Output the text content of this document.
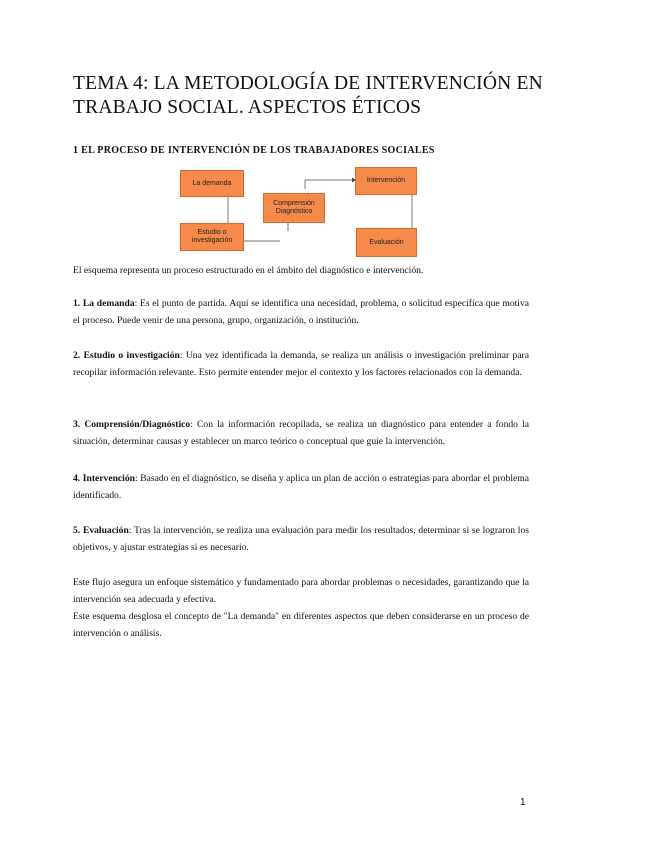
TEMA 4: LA METODOLOGÍA DE INTERVENCIÓN EN TRABAJO SOCIAL. ASPECTOS ÉTICOS
1 EL PROCESO DE INTERVENCIÓN DE LOS TRABAJADORES SOCIALES
La demanda
Estudio o investigación
Comprensión Diagnóstico
Intervención
Evaluación

El esquema representa un proceso estructurado en el ámbito del diagnóstico e intervención.

1. La demanda: Es el punto de partida. Aquí se identifica una necesidad, problema, o solicitud específica que motiva el proceso. Puede venir de una persona, grupo, organización, o institución.

2. Estudio o investigación: Una vez identificada la demanda, se realiza un análisis o investigación preliminar para recopilar información relevante. Esto permite entender mejor el contexto y los factores relacionados con la demanda.

3. Comprensión/Diagnóstico: Con la información recopilada, se realiza un diagnóstico para entender a fondo la situación, determinar causas y establecer un marco teórico o conceptual que guíe la intervención.

4. Intervención: Basado en el diagnóstico, se diseña y aplica un plan de acción o estrategias para abordar el problema identificado.

5. Evaluación: Tras la intervención, se realiza una evaluación para medir los resultados, determinar si se lograron los objetivos, y ajustar estrategias si es necesario.

Este flujo asegura un enfoque sistemático y fundamentado para abordar problemas o necesidades, garantizando que la intervención sea adecuada y efectiva.

Este esquema desglosa el concepto de "La demanda" en diferentes aspectos que deben considerarse en un proceso de intervención o análisis.

1
